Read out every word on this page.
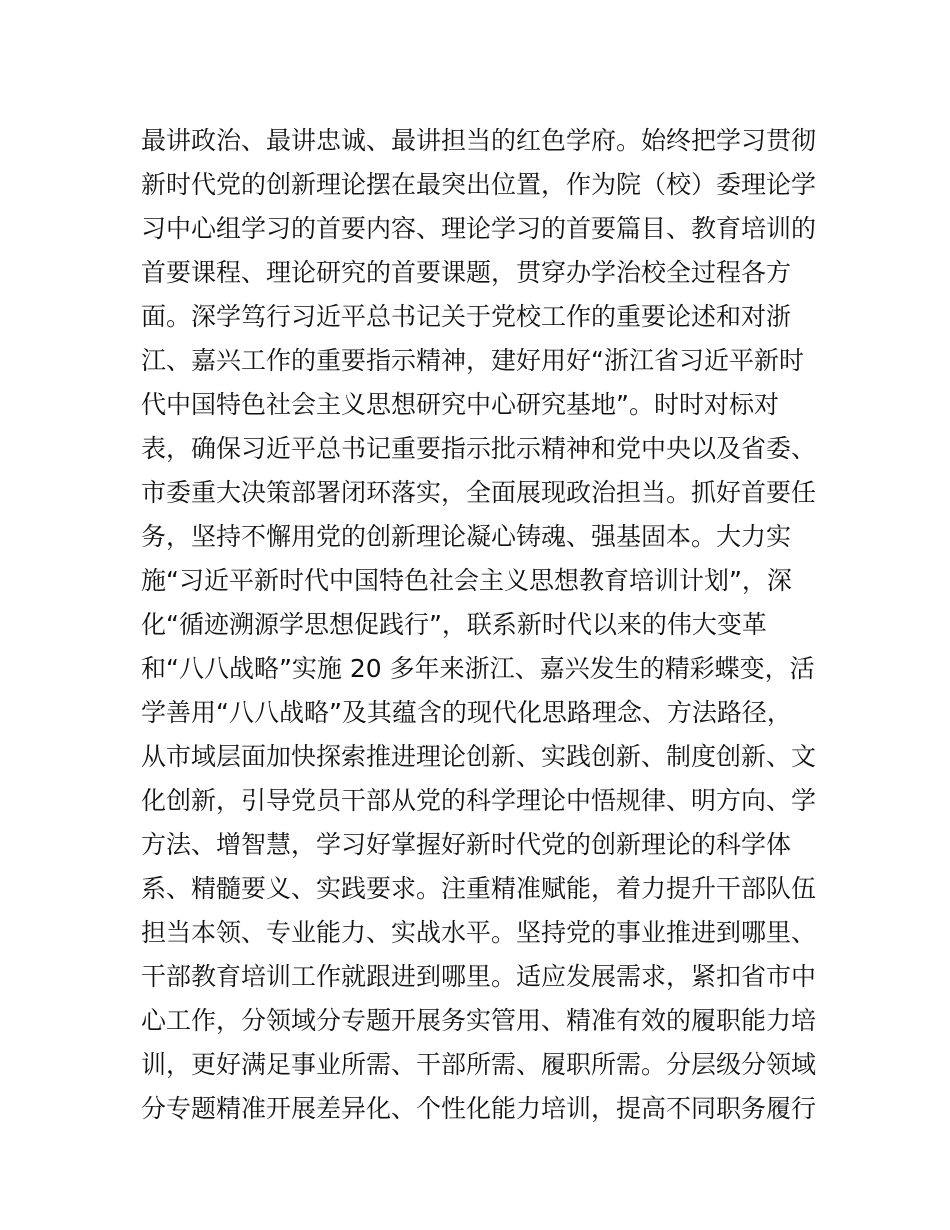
最讲政治、最讲忠诚、最讲担当的红色学府。始终把学习贯彻
新时代党的创新理论摆在最突出位置，作为院（校）委理论学
习中心组学习的首要内容、理论学习的首要篇目、教育培训的
首要课程、理论研究的首要课题，贯穿办学治校全过程各方
面。深学笃行习近平总书记关于党校工作的重要论述和对浙
江、嘉兴工作的重要指示精神，建好用好“浙江省习近平新时
代中国特色社会主义思想研究中心研究基地”。时时对标对
表，确保习近平总书记重要指示批示精神和党中央以及省委、
市委重大决策部署闭环落实，全面展现政治担当。抓好首要任
务，坚持不懈用党的创新理论凝心铸魂、强基固本。大力实
施“习近平新时代中国特色社会主义思想教育培训计划”，深
化“循迹溯源学思想促践行”，联系新时代以来的伟大变革
和“八八战略”实施 20 多年来浙江、嘉兴发生的精彩蝶变，活
学善用“八八战略”及其蕴含的现代化思路理念、方法路径，
从市域层面加快探索推进理论创新、实践创新、制度创新、文
化创新，引导党员干部从党的科学理论中悟规律、明方向、学
方法、增智慧，学习好掌握好新时代党的创新理论的科学体
系、精髓要义、实践要求。注重精准赋能，着力提升干部队伍
担当本领、专业能力、实战水平。坚持党的事业推进到哪里、
干部教育培训工作就跟进到哪里。适应发展需求，紧扣省市中
心工作，分领域分专题开展务实管用、精准有效的履职能力培
训，更好满足事业所需、干部所需、履职所需。分层级分领域
分专题精准开展差异化、个性化能力培训，提高不同职务履行
